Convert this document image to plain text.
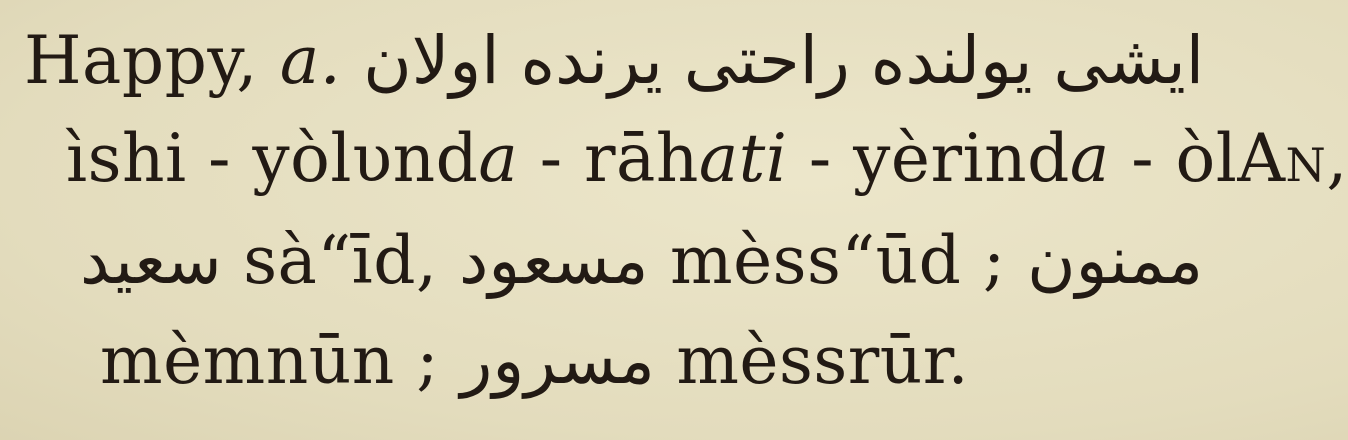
Happy, a. ایشی یولنده راحتی یرنده اولان
ìshi - yòlυnda - rāhati - yèrinda - òlAn,
سعید sà“īd, مسعود mèss“ūd ; ممنون
mèmnūn ; مسرور mèssrūr.
